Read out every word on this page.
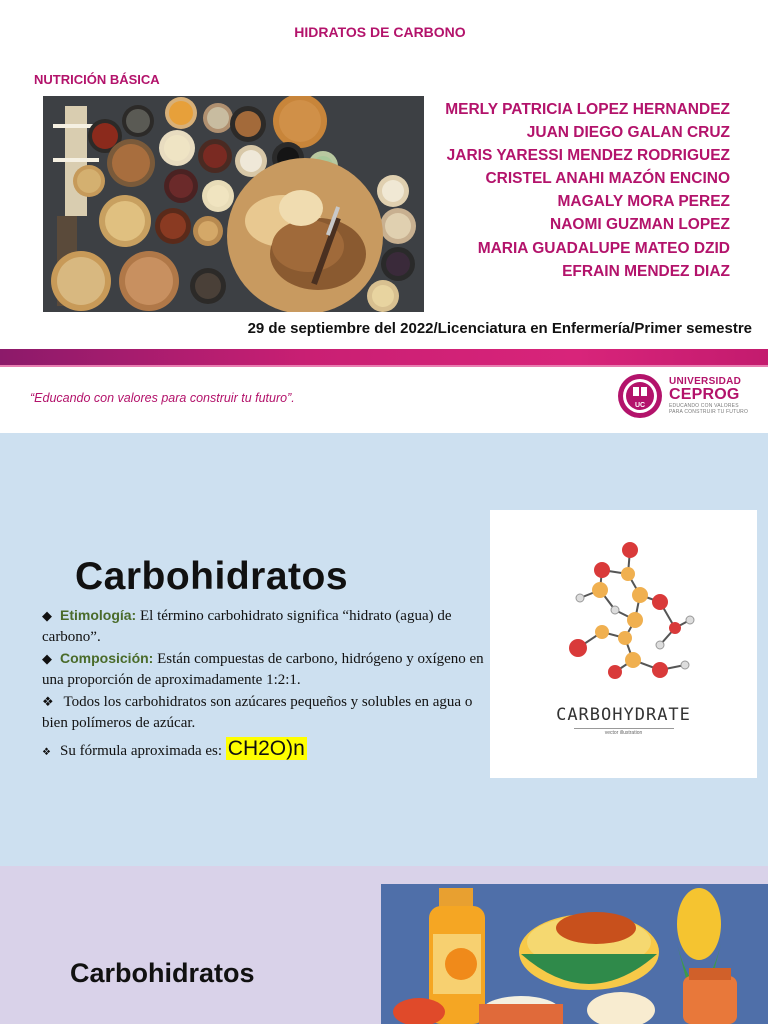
HIDRATOS DE CARBONO
NUTRICIÓN BÁSICA
MERLY PATRICIA LOPEZ HERNANDEZ
JUAN DIEGO GALAN CRUZ
JARIS YARESSI MENDEZ RODRIGUEZ
CRISTEL ANAHI MAZÓN ENCINO
MAGALY MORA PEREZ
NAOMI GUZMAN LOPEZ
MARIA GUADALUPE MATEO DZID
EFRAIN MENDEZ DIAZ
29 de septiembre del 2022/Licenciatura en Enfermería/Primer semestre
“Educando con valores para construir tu futuro”.
UC
UNIVERSIDAD
CEPROG
EDUCANDO CON VALORES PARA CONSTRUIR TU FUTURO
Carbohidratos
◆ Etimología: El término carbohidrato significa “hidrato (agua) de carbono”.
◆ Composición: Están compuestas de carbono, hidrógeno y oxígeno en una proporción de aproximadamente 1:2:1.
❖ Todos los carbohidratos son azúcares pequeños y solubles en agua o bien polímeros de azúcar.
❖ Su fórmula aproximada es: CH2O)n
CARBOHYDRATE
vector illustration
Carbohidratos
